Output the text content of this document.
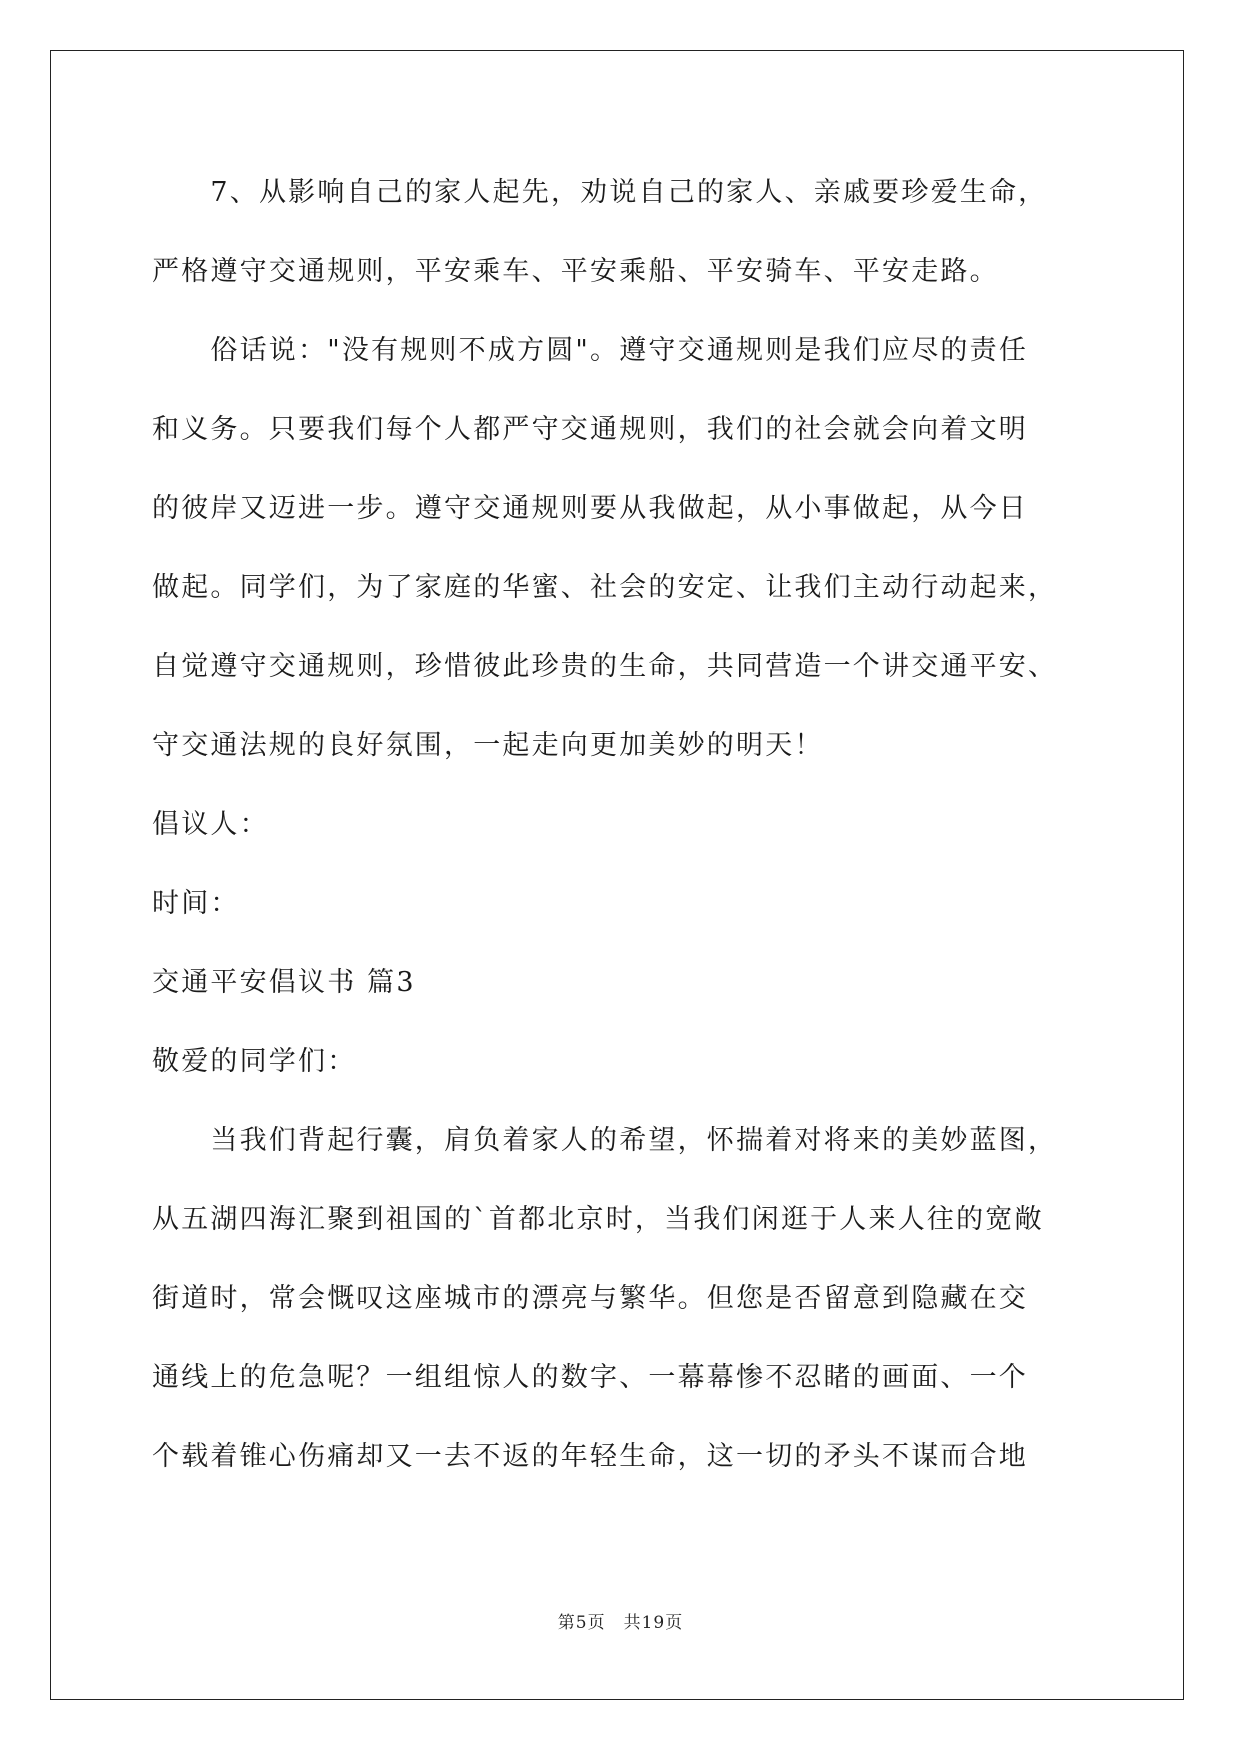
　　7、从影响自己的家人起先，劝说自己的家人、亲戚要珍爱生命，
严格遵守交通规则，平安乘车、平安乘船、平安骑车、平安走路。
　　俗话说："没有规则不成方圆"。遵守交通规则是我们应尽的责任
和义务。只要我们每个人都严守交通规则，我们的社会就会向着文明
的彼岸又迈进一步。遵守交通规则要从我做起，从小事做起，从今日
做起。同学们，为了家庭的华蜜、社会的安定、让我们主动行动起来，
自觉遵守交通规则，珍惜彼此珍贵的生命，共同营造一个讲交通平安、
守交通法规的良好氛围，一起走向更加美妙的明天！
倡议人：
时间：
交通平安倡议书 篇3
敬爱的同学们：
　　当我们背起行囊，肩负着家人的希望，怀揣着对将来的美妙蓝图，
从五湖四海汇聚到祖国的`首都北京时，当我们闲逛于人来人往的宽敞
街道时，常会慨叹这座城市的漂亮与繁华。但您是否留意到隐藏在交
通线上的危急呢？一组组惊人的数字、一幕幕惨不忍睹的画面、一个
个载着锥心伤痛却又一去不返的年轻生命，这一切的矛头不谋而合地
第5页 共19页
